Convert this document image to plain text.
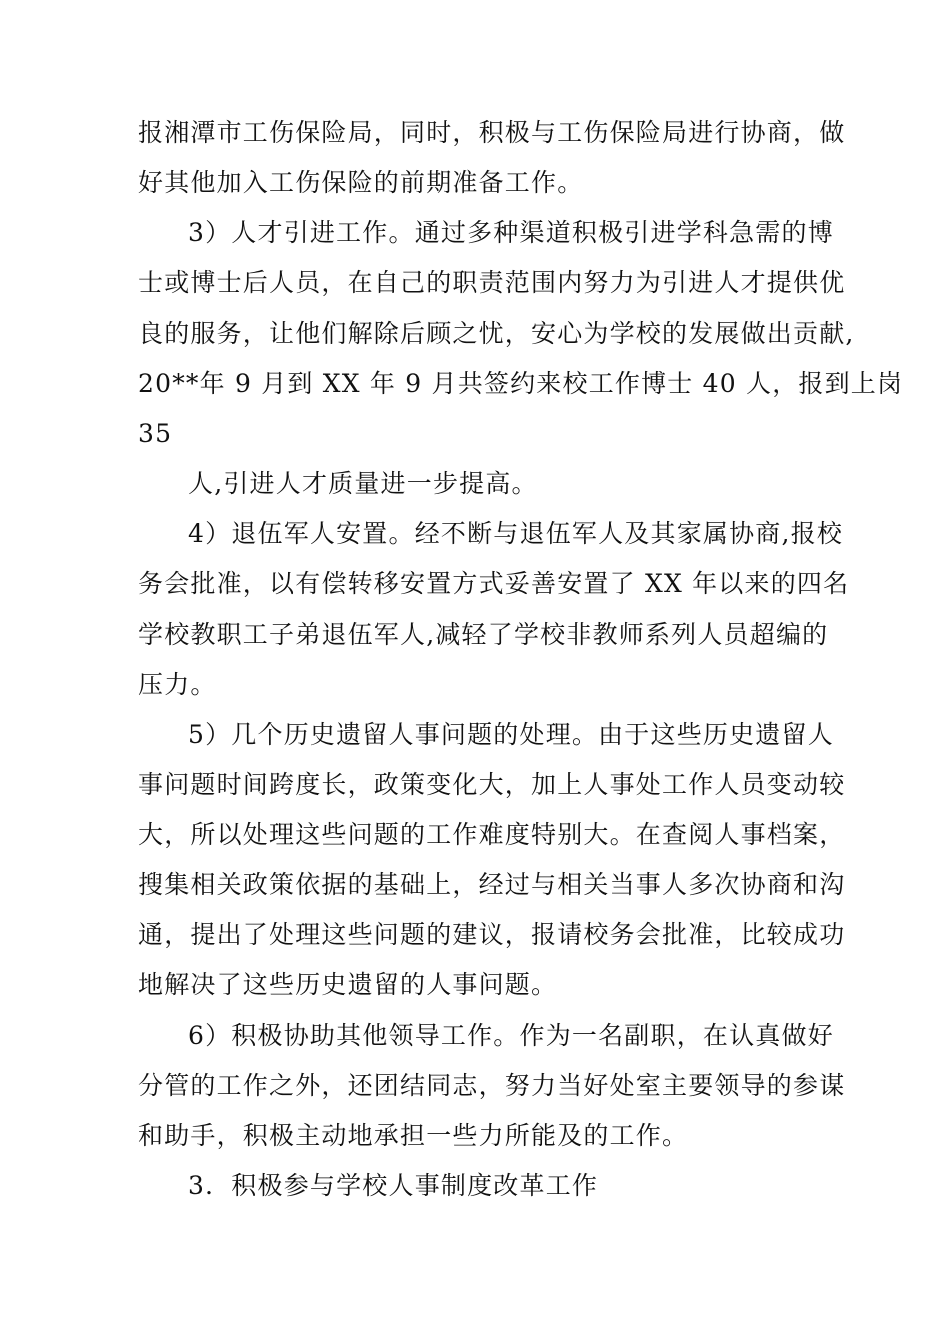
报湘潭市工伤保险局，同时，积极与工伤保险局进行协商，做

好其他加入工伤保险的前期准备工作。

3）人才引进工作。通过多种渠道积极引进学科急需的博

士或博士后人员，在自己的职责范围内努力为引进人才提供优

良的服务，让他们解除后顾之忧，安心为学校的发展做出贡献,

20**年 9 月到 XX 年 9 月共签约来校工作博士 40 人，报到上岗

35

人,引进人才质量进一步提高。

4）退伍军人安置。经不断与退伍军人及其家属协商,报校

务会批准，以有偿转移安置方式妥善安置了 XX 年以来的四名

学校教职工子弟退伍军人,减轻了学校非教师系列人员超编的

压力。

5）几个历史遗留人事问题的处理。由于这些历史遗留人

事问题时间跨度长，政策变化大，加上人事处工作人员变动较

大，所以处理这些问题的工作难度特别大。在查阅人事档案，

搜集相关政策依据的基础上，经过与相关当事人多次协商和沟

通，提出了处理这些问题的建议，报请校务会批准，比较成功

地解决了这些历史遗留的人事问题。

6）积极协助其他领导工作。作为一名副职，在认真做好

分管的工作之外，还团结同志，努力当好处室主要领导的参谋

和助手，积极主动地承担一些力所能及的工作。

3．积极参与学校人事制度改革工作
